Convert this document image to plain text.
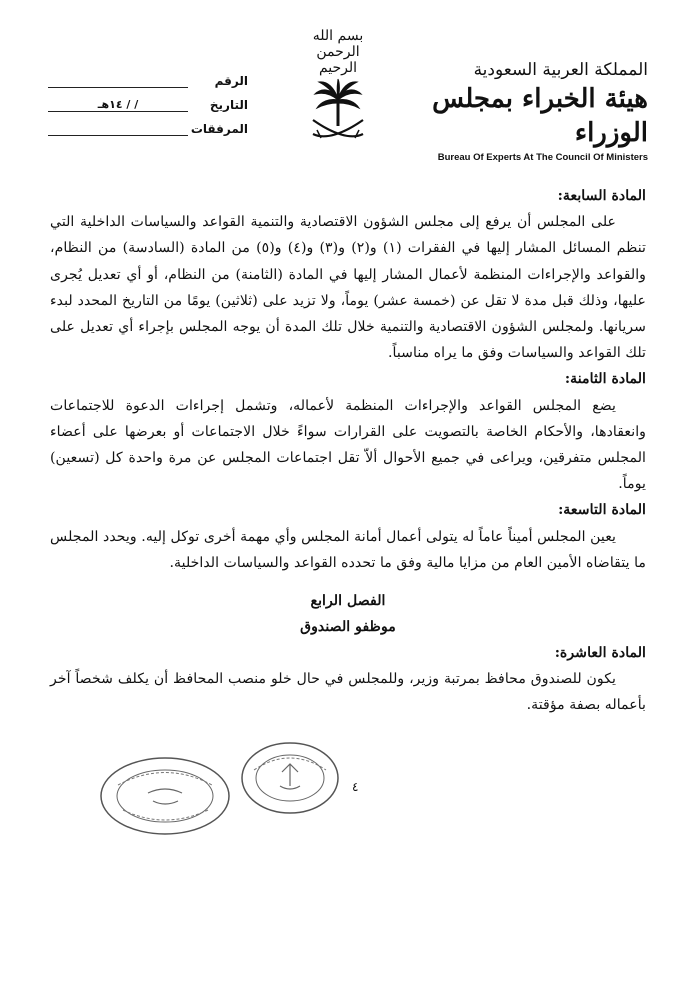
المملكة العربية السعودية
هيئة الخبراء بمجلس الوزراء
Bureau Of Experts At The Council Of Ministers
بسم الله الرحمن الرحيم
الرقم
التاريخ
/ / ١٤هـ
المرفقات

المادة السابعة:

على المجلس أن يرفع إلى مجلس الشؤون الاقتصادية والتنمية القواعد والسياسات الداخلية التي تنظم المسائل المشار إليها في الفقرات (١) و(٢) و(٣) و(٤) و(٥) من المادة (السادسة) من النظام، والقواعد والإجراءات المنظمة لأعمال المشار إليها في المادة (الثامنة) من النظام، أو أي تعديل يُجرى عليها، وذلك قبل مدة لا تقل عن (خمسة عشر) يوماً، ولا تزيد على (ثلاثين) يومًا من التاريخ المحدد لبدء سريانها. ولمجلس الشؤون الاقتصادية والتنمية خلال تلك المدة أن يوجه المجلس بإجراء أي تعديل على تلك القواعد والسياسات وفق ما يراه مناسباً.

المادة الثامنة:

يضع المجلس القواعد والإجراءات المنظمة لأعماله، وتشمل إجراءات الدعوة للاجتماعات وانعقادها، والأحكام الخاصة بالتصويت على القرارات سواءً خلال الاجتماعات أو بعرضها على أعضاء المجلس متفرقين، ويراعى في جميع الأحوال ألاّ تقل اجتماعات المجلس عن مرة واحدة كل (تسعين) يوماً.

المادة التاسعة:

يعين المجلس أميناً عاماً له يتولى أعمال أمانة المجلس وأي مهمة أخرى توكل إليه. ويحدد المجلس ما يتقاضاه الأمين العام من مزايا مالية وفق ما تحدده القواعد والسياسات الداخلية.

الفصل الرابع

موظفو الصندوق

المادة العاشرة:

يكون للصندوق محافظ بمرتبة وزير، وللمجلس في حال خلو منصب المحافظ أن يكلف شخصاً آخر بأعماله بصفة مؤقتة.

٤
